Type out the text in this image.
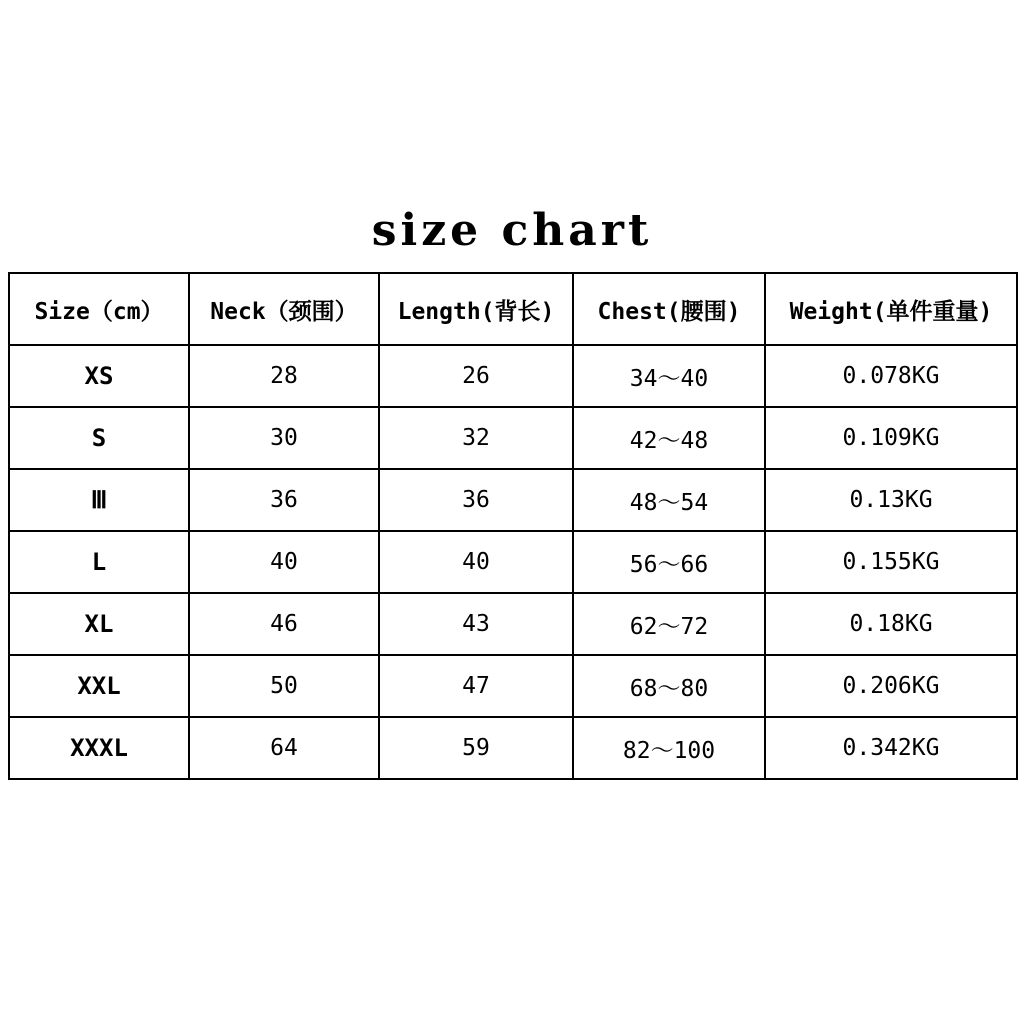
size chart
Size（cm）	Neck（颈围）	Length(背长)	Chest(腰围)	Weight(单件重量)
XS	28	26	34～40	0.078KG
S	30	32	42～48	0.109KG
Ⅲ	36	36	48～54	0.13KG
L	40	40	56～66	0.155KG
XL	46	43	62～72	0.18KG
XXL	50	47	68～80	0.206KG
XXXL	64	59	82～100	0.342KG
